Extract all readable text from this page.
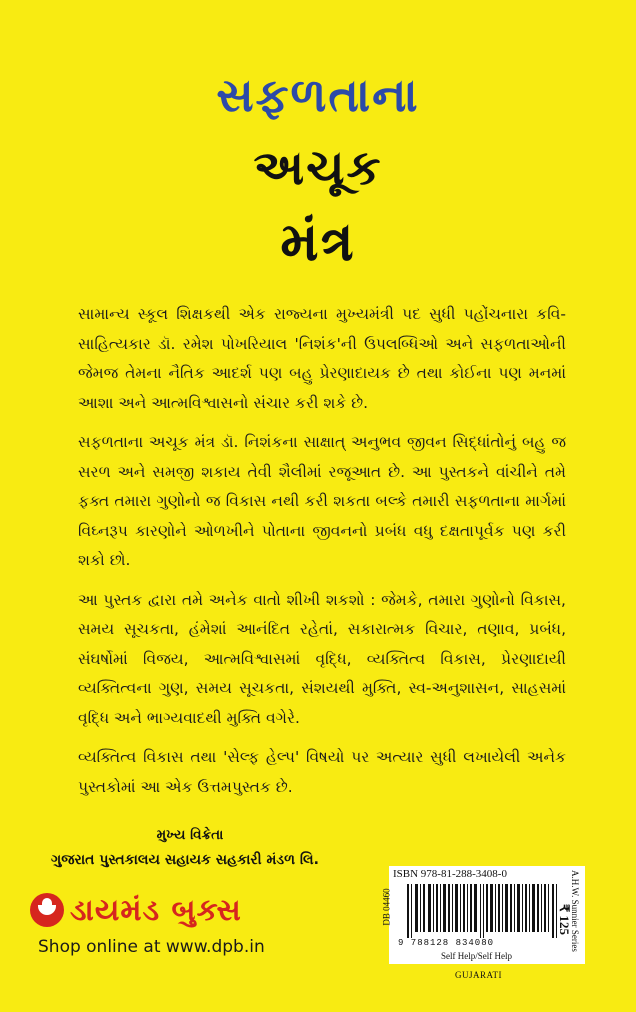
સફળતાના
અચૂક
મંત્ર

સામાન્ય સ્કૂલ શિક્ષકથી એક રાજ્યના મુખ્યમંત્રી પદ સુધી પહોંચનારા કવિ-સાહિત્યકાર ડૉ. રમેશ પોખરિયાલ 'નિશંક'ની ઉપલબ્ધિઓ અને સફળતાઓની જેમજ તેમના નૈતિક આદર્શ પણ બહુ પ્રેરણાદાયક છે તથા કોઈના પણ મનમાં આશા અને આત્મવિશ્વાસનો સંચાર કરી શકે છે.

સફળતાના અચૂક મંત્ર ડૉ. નિશંકના સાક્ષાત્ અનુભવ જીવન સિદ્ધાંતોનું બહુ જ સરળ અને સમજી શકાય તેવી શૈલીમાં રજૂઆત છે. આ પુસ્તકને વાંચીને તમે ફક્ત તમારા ગુણોનો જ વિકાસ નથી કરી શકતા બલ્કે તમારી સફળતાના માર્ગમાં વિઘ્નરૂપ કારણોને ઓળખીને પોતાના જીવનનો પ્રબંધ વધુ દક્ષતાપૂર્વક પણ કરી શકો છો.

આ પુસ્તક દ્વારા તમે અનેક વાતો શીખી શકશો : જેમકે, તમારા ગુણોનો વિકાસ, સમય સૂચકતા, હંમેશાં આનંદિત રહેતાં, સકારાત્મક વિચાર, તણાવ, પ્રબંધ, સંઘર્ષોમાં વિજય, આત્મવિશ્વાસમાં વૃદ્ધિ, વ્યક્તિત્વ વિકાસ, પ્રેરણાદાયી વ્યક્તિત્વના ગુણ, સમય સૂચકતા, સંશયથી મુક્તિ, સ્વ-અનુશાસન, સાહસમાં વૃદ્ધિ અને ભાગ્યવાદથી મુક્તિ વગેરે.

વ્યક્તિત્વ વિકાસ તથા 'સેલ્ફ હેલ્પ' વિષયો પર અત્યાર સુધી લખાયેલી અનેક પુસ્તકોમાં આ એક ઉત્તમપુસ્તક છે.

મુખ્ય વિક્રેતા
ગુજરાત પુસ્તકાલય સહાયક સહકારી મંડળ લિ.
ડાયમંડ બુક્સ
Shop online at www.dpb.in
ISBN 978-81-288-3408-0
DB 04460
9 788128 834080
Self Help/Self Help
A.H.W. Sunnier Series
₹ 125
GUJARATI
